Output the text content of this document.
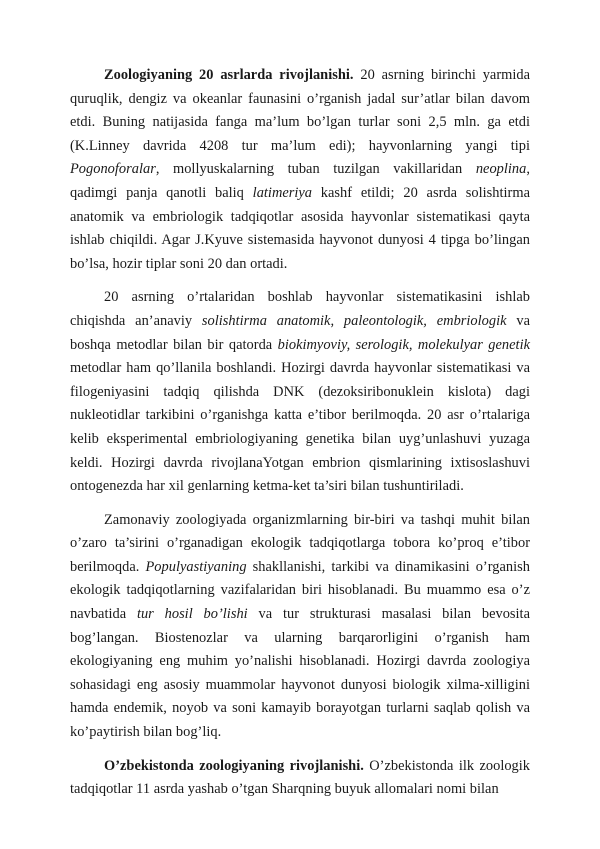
Zoologiyaning 20 asrlarda rivojlanishi. 20 asrning birinchi yarmida quruqlik, dengiz va okeanlar faunasini o’rganish jadal sur’atlar bilan davom etdi. Buning natijasida fanga ma’lum bo’lgan turlar soni 2,5 mln. ga etdi (K.Linney davrida 4208 tur ma’lum edi); hayvonlarning yangi tipi Pogonoforalar, mollyuskalarning tuban tuzilgan vakillaridan neoplina, qadimgi panja qanotli baliq latimeriya kashf etildi; 20 asrda solishtirma anatomik va embriologik tadqiqotlar asosida hayvonlar sistematikasi qayta ishlab chiqildi. Agar J.Kyuve sistemasida hayvonot dunyosi 4 tipga bo’lingan bo’lsa, hozir tiplar soni 20 dan ortadi.

20 asrning o’rtalaridan boshlab hayvonlar sistematikasini ishlab chiqishda an’anaviy solishtirma anatomik, paleontologik, embriologik va boshqa metodlar bilan bir qatorda biokimyoviy, serologik, molekulyar genetik metodlar ham qo’llanila boshlandi. Hozirgi davrda hayvonlar sistematikasi va filogeniyasini tadqiq qilishda DNK (dezoksiribonuklein kislota) dagi nukleotidlar tarkibini o’rganishga katta e’tibor berilmoqda. 20 asr o’rtalariga kelib eksperimental embriologiyaning genetika bilan uyg’unlashuvi yuzaga keldi. Hozirgi davrda rivojlanaYotgan embrion qismlarining ixtisoslashuvi ontogenezda har xil genlarning ketma-ket ta’siri bilan tushuntiriladi.

Zamonaviy zoologiyada organizmlarning bir-biri va tashqi muhit bilan o’zaro ta’sirini o’rganadigan ekologik tadqiqotlarga tobora ko’proq e’tibor berilmoqda. Populyastiyaning shakllanishi, tarkibi va dinamikasini o’rganish ekologik tadqiqotlarning vazifalaridan biri hisoblanadi. Bu muammo esa o’z navbatida tur hosil bo’lishi va tur strukturasi masalasi bilan bevosita bog’langan. Biostenozlar va ularning barqarorligini o’rganish ham ekologiyaning eng muhim yo’nalishi hisoblanadi. Hozirgi davrda zoologiya sohasidagi eng asosiy muammolar hayvonot dunyosi biologik xilma-xilligini hamda endemik, noyob va soni kamayib borayotgan turlarni saqlab qolish va ko’paytirish bilan bog’liq.

O’zbekistonda zoologiyaning rivojlanishi. O’zbekistonda ilk zoologik tadqiqotlar 11 asrda yashab o’tgan Sharqning buyuk allomalari nomi bilan
